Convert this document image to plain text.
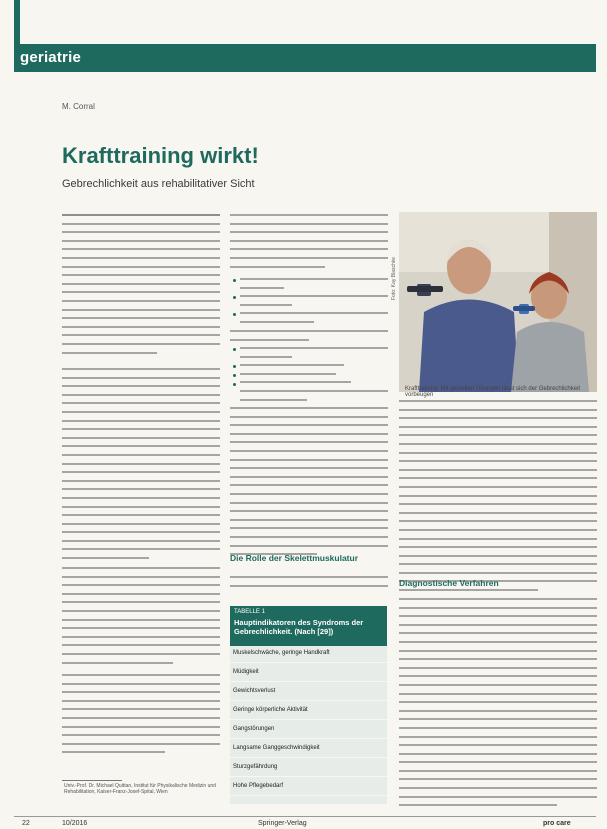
geriatrie
M. Corral
Krafttraining wirkt!
Gebrechlichkeit aus rehabilitativer Sicht
Die Rolle der Skelettmuskulatur
Foto: Kay Blaschke
Krafttraining: Mit gezielten Übungen lässt sich der Gebrechlichkeit vorbeugen
Diagnostische Verfahren
TABELLE 1
Hauptindikatoren des Syndroms der Gebrechlichkeit. (Nach [29])
Muskelschwäche, geringe Handkraft
Müdigkeit
Gewichtsverlust
Geringe körperliche Aktivität
Gangstörungen
Langsame Ganggeschwindigkeit
Sturzgefährdung
Hohe Pflegebedarf
Univ.-Prof. Dr. Michael Quittan, Institut für Physikalische Medizin und Rehabilitation, Kaiser-Franz-Josef-Spital, Wien
22	10/2016	Springer-Verlag	pro care
